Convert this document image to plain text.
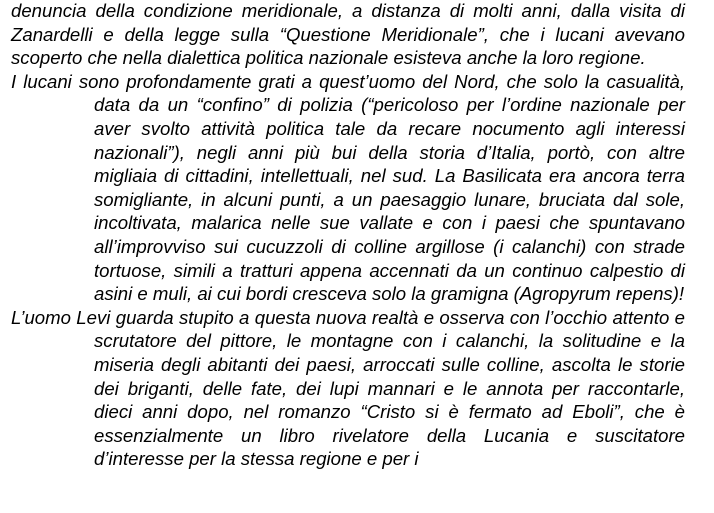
denuncia della condizione meridionale, a distanza di molti anni, dalla visita di Zanardelli e della legge sulla “Questione Meridionale”, che i lucani avevano scoperto che nella dialettica politica nazionale esisteva anche la loro regione.

I lucani sono profondamente grati a quest’uomo del Nord, che solo la casualità, data da un “confino” di polizia (“pericoloso per l’ordine nazionale per aver svolto attività politica tale da recare nocumento agli interessi nazionali”), negli anni più bui della storia d’Italia, portò, con altre migliaia di cittadini, intellettuali, nel sud. La Basilicata era ancora terra somigliante, in alcuni punti, a un paesaggio lunare, bruciata dal sole, incoltivata, malarica nelle sue vallate e con i paesi che spuntavano all’improvviso sui cucuzzoli di colline argillose (i calanchi) con strade tortuose, simili a tratturi appena accennati da un continuo calpestio di asini e muli, ai cui bordi cresceva solo la gramigna (Agropyrum repens)!

L’uomo Levi guarda stupito a questa nuova realtà e osserva con l’occhio attento e scrutatore del pittore, le montagne con i calanchi, la solitudine e la miseria degli abitanti dei paesi, arroccati sulle colline, ascolta le storie dei briganti, delle fate, dei lupi mannari e le annota per raccontarle, dieci anni dopo, nel romanzo “Cristo si è fermato ad Eboli”, che è essenzialmente un libro rivelatore della Lucania e suscitatore d’interesse per la stessa regione e per i
